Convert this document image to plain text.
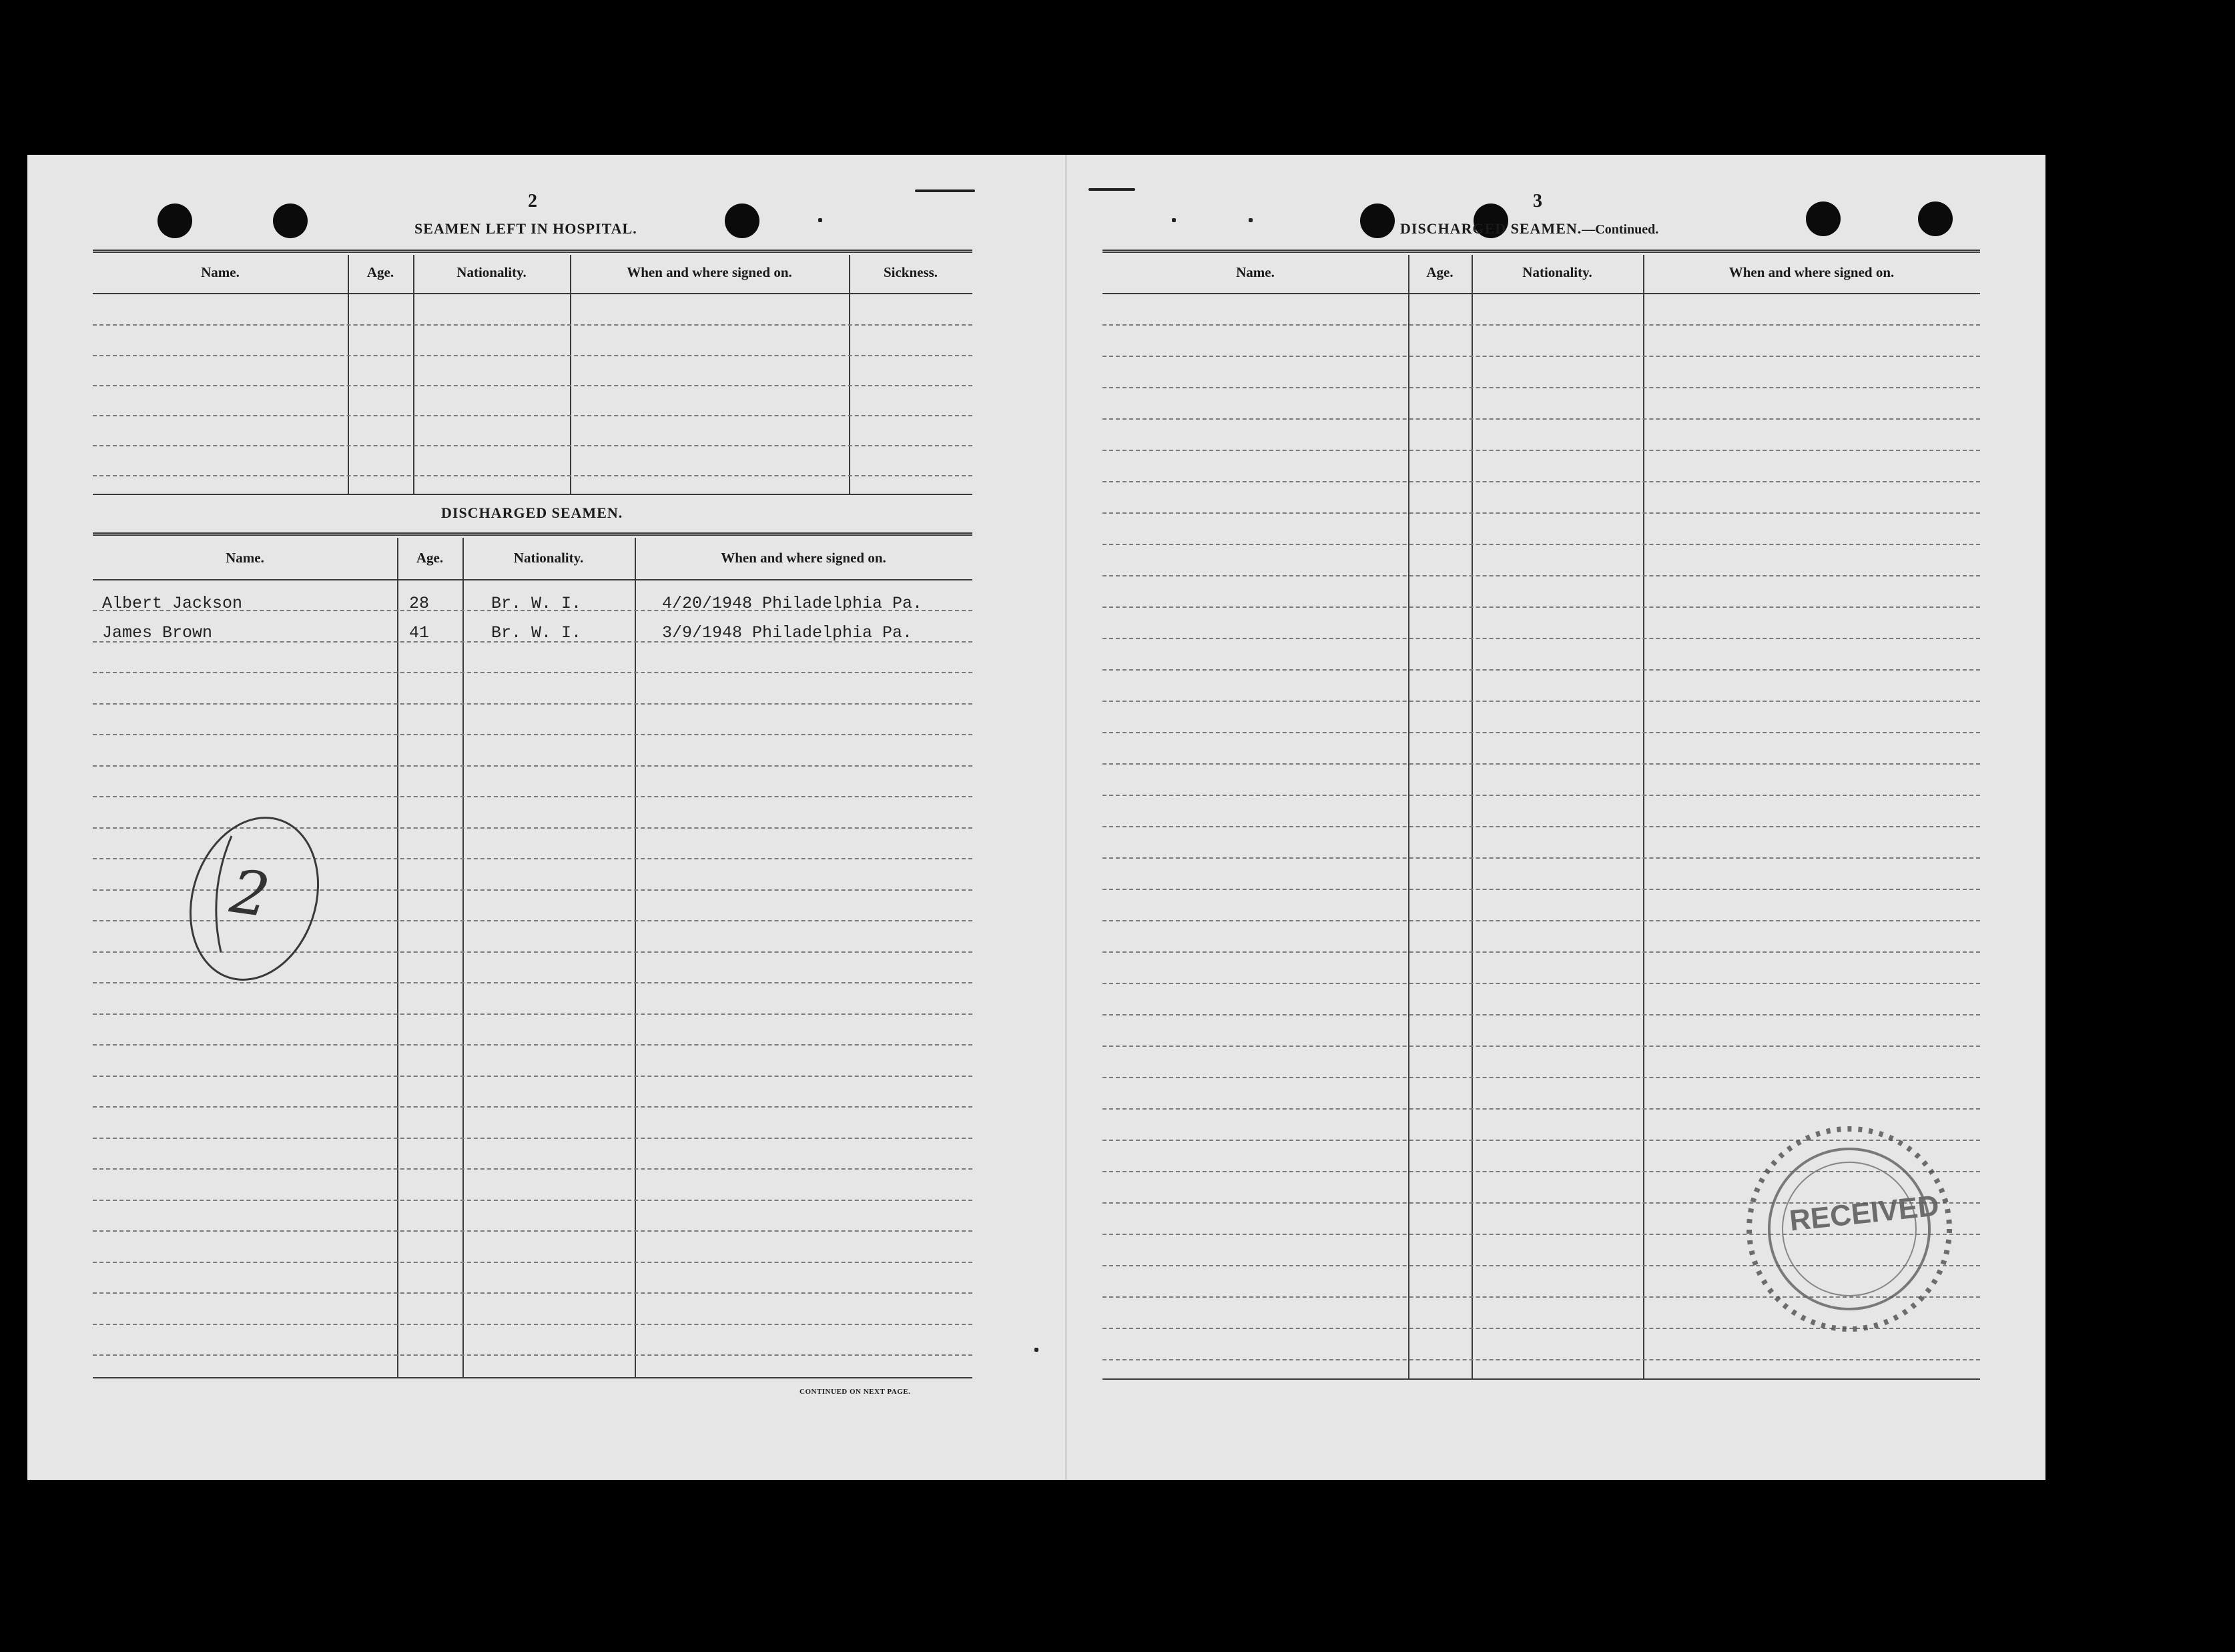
2
SEAMEN LEFT IN HOSPITAL.
Name.	Age.	Nationality.	When and where signed on.	Sickness.
DISCHARGED SEAMEN.
Name.	Age.	Nationality.	When and where signed on.
Albert Jackson	28	Br. W. I.	4/20/1948 Philadelphia Pa.
James Brown	41	Br. W. I.	3/9/1948 Philadelphia Pa.
CONTINUED ON NEXT PAGE.
2
3
DISCHARGED SEAMEN.—Continued.
Name.	Age.	Nationality.	When and where signed on.
RECEIVED
